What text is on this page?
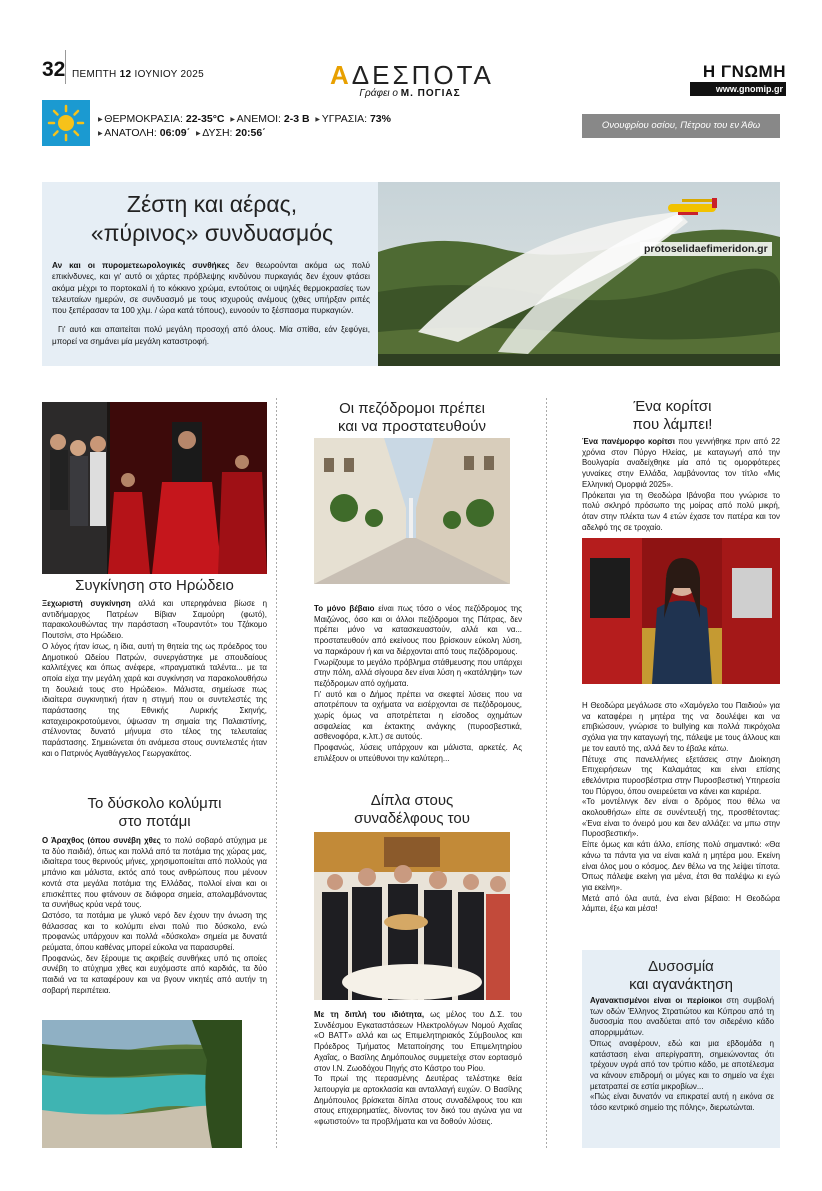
32 ΠΕΜΠΤΗ 12 ΙΟΥΝΙΟΥ 2025	ΑΔΕΣΠΟΤΑ
Γράφει ο Μ. ΠΟΓΙΑΣ
Η ΓΝΩΜΗ
www.gnomip.gr
▶ ΘΕΡΜΟΚΡΑΣΙΑ: 22-35°C ▶ ΑΝΕΜΟΙ: 2-3 Β ▶ ΥΓΡΑΣΙΑ: 73%
▶ ΑΝΑΤΟΛΗ: 06:09΄ ▶ ΔΥΣΗ: 20:56΄
Ονουφρίου οσίου, Πέτρου του εν Άθω
Ζέστη και αέρας,
«πύρινος» συνδυασμός

Αν και οι πυρομετεωρολογικές συνθήκες δεν θεωρούνται ακόμα ως πολύ επικίνδυνες, και γι' αυτό οι χάρτες πρόβλεψης κινδύνου πυρκαγιάς δεν έχουν φτάσει ακόμα μέχρι το πορτοκαλί ή το κόκκινο χρώμα, εντούτοις οι υψηλές θερμοκρασίες των τελευταίων ημερών, σε συνδυασμό με τους ισχυρούς ανέμους (χθες υπήρξαν ριπές που ξεπέρασαν τα 100 χλμ. / ώρα κατά τόπους), ευνοούν το ξέσπασμα πυρκαγιών.

Γι' αυτό και απαιτείται πολύ μεγάλη προσοχή από όλους. Μία σπίθα, εάν ξεφύγει, μπορεί να σημάνει μία μεγάλη καταστροφή.

protoselidaefimeridon.gr
Συγκίνηση στο Ηρώδειο

Ξεχωριστή συγκίνηση αλλά και υπερηφάνεια βίωσε η αντιδήμαρχος Πατρέων Βίβιαν Σαμούρη (φωτό), παρακολουθώντας την παράσταση «Τουραντότ» του Τζάκομο Πουτσίνι, στο Ηρώδειο.

Ο λόγος ήταν ίσως, η ίδια, αυτή τη θητεία της ως πρόεδρος του Δημοτικού Ωδείου Πατρών, συνεργάστηκε με σπουδαίους καλλιτέχνες και όπως ανέφερε, «πραγματικά ταλέντα... με τα οποία είχα την μεγάλη χαρά και συγκίνηση να παρακολουθήσω τη δουλειά τους στο Ηρώδειο». Μάλιστα, σημείωσε πως ιδιαίτερα συγκινητική ήταν η στιγμή που οι συντελεστές της παράστασης της Εθνικής Λυρικής Σκηνής, καταχειροκροτούμενοι, ύψωσαν τη σημαία της Παλαιστίνης, στέλνοντας δυνατό μήνυμα στο τέλος της τελευταίας παράστασης. Σημειώνεται ότι ανάμεσα στους συντελεστές ήταν και ο Πατρινός Αγαθάγγελος Γεωργακάτος.

Το δύσκολο κολύμπι
στο ποτάμι

Ο Άραχθος (όπου συνέβη χθες το πολύ σοβαρό ατύχημα με τα δύο παιδιά), όπως και πολλά από τα ποτάμια της χώρας μας, ιδιαίτερα τους θερινούς μήνες, χρησιμοποιείται από πολλούς για μπάνιο και μάλιστα, εκτός από τους ανθρώπους που μένουν κοντά στα μεγάλα ποτάμια της Ελλάδας, πολλοί είναι και οι επισκέπτες που φτάνουν σε διάφορα σημεία, απολαμβάνοντας τα συνήθως κρύα νερά τους.

Ωστόσο, τα ποτάμια με γλυκό νερό δεν έχουν την άνωση της θάλασσας και το κολύμπι είναι πολύ πιο δύσκολο, ενώ προφανώς υπάρχουν και πολλά «δύσκολα» σημεία με δυνατά ρεύματα, όπου καθένας μπορεί εύκολα να παρασυρθεί.

Προφανώς, δεν ξέρουμε τις ακριβείς συνθήκες υπό τις οποίες συνέβη το ατύχημα χθες και ευχόμαστε από καρδιάς, τα δύο παιδιά να τα καταφέρουν και να βγουν νικητές από αυτήν τη σοβαρή περιπέτεια.

Οι πεζόδρομοι πρέπει
και να προστατευθούν

Το μόνο βέβαιο είναι πως τόσο ο νέος πεζόδρομος της Μαιζώνος, όσο και οι άλλοι πεζόδρομοι της Πάτρας, δεν πρέπει μόνο να κατασκευαστούν, αλλά και να... προστατευθούν από εκείνους που βρίσκουν εύκολη λύση, να παρκάρουν ή και να διέρχονται από τους πεζόδρομους.

Γνωρίζουμε το μεγάλο πρόβλημα στάθμευσης που υπάρχει στην πόλη, αλλά σίγουρα δεν είναι λύση η «κατάληψη» των πεζόδρομων από οχήματα.

Γι' αυτό και ο Δήμος πρέπει να σκεφτεί λύσεις που να αποτρέπουν τα οχήματα να εισέρχονται σε πεζόδρομους, χωρίς όμως να αποτρέπεται η είσοδος οχημάτων ασφαλείας και έκτακτης ανάγκης (πυροσβεστικά, ασθενοφόρα, κ.λπ.) σε αυτούς.

Προφανώς, λύσεις υπάρχουν και μάλιστα, αρκετές. Ας επιλέξουν οι υπεύθυνοι την καλύτερη...

Δίπλα στους
συναδέλφους του

Με τη διπλή του ιδιότητα, ως μέλος του Δ.Σ. του Συνδέσμου Εγκαταστάσεων Ηλεκτρολόγων Νομού Αχαΐας «Ο ΒΑΤΤ» αλλά και ως Επιμελητηριακός Σύμβουλος και Πρόεδρος Τμήματος Μεταποίησης του Επιμελητηρίου Αχαΐας, ο Βασίλης Δημόπουλος συμμετείχε στον εορτασμό στον Ι.Ν. Ζωοδόχου Πηγής στο Κάστρο του Ρίου.

Το πρωί της περασμένης Δευτέρας τελέστηκε θεία λειτουργία με αρτοκλασία και ανταλλαγή ευχών. Ο Βασίλης Δημόπουλος βρίσκεται δίπλα στους συναδέλφους του και στους επιχειρηματίες, δίνοντας τον δικό του αγώνα για να «φωτιστούν» τα προβλήματα και να δοθούν λύσεις.

Ένα κορίτσι
που λάμπει!

Ένα πανέμορφο κορίτσι που γεννήθηκε πριν από 22 χρόνια στον Πύργο Ηλείας, με καταγωγή από την Βουλγαρία αναδείχθηκε μία από τις ομορφότερες γυναίκες στην Ελλάδα, λαμβάνοντας τον τίτλο «Μις Ελληνική Ομορφιά 2025».

Πρόκειται για τη Θεοδώρα Ιβάνοβα που γνώρισε το πολύ σκληρό πρόσωπο της μοίρας από πολύ μικρή, όταν στην πλέκτα των 4 ετών έχασε τον πατέρα και τον αδελφό της σε τροχαίο.

Η Θεοδώρα μεγάλωσε στο «Χαμόγελο του Παιδιού» για να καταφέρει η μητέρα της να δουλέψει και να επιβιώσουν, γνώρισε το bullying και πολλά πικρόχολα σχόλια για την καταγωγή της, πάλεψε με τους άλλους και με τον εαυτό της, αλλά δεν το έβαλε κάτω.

Πέτυχε στις πανελλήνιες εξετάσεις στην Διοίκηση Επιχειρήσεων της Καλαμάτας και είναι επίσης εθελόντρια πυροσβέστρια στην Πυροσβεστική Υπηρεσία του Πύργου, όπου ονειρεύεται να κάνει και καριέρα.

«Το μοντέλινγκ δεν είναι ο δρόμος που θέλω να ακολουθήσω» είπε σε συνέντευξή της, προσθέτοντας: «Ένα είναι το όνειρό μου και δεν αλλάζει: να μπω στην Πυροσβεστική».

Είπε όμως και κάτι άλλο, επίσης πολύ σημαντικό: «Θα κάνω τα πάντα για να είναι καλά η μητέρα μου. Εκείνη είναι όλος μου ο κόσμος. Δεν θέλω να της λείψει τίποτα. Όπως πάλεψε εκείνη για μένα, έτσι θα παλέψω κι εγώ για εκείνη».

Μετά από όλα αυτά, ένα είναι βέβαιο: Η Θεοδώρα λάμπει, έξω και μέσα!

Δυσοσμία
και αγανάκτηση

Αγανακτισμένοι είναι οι περίοικοι στη συμβολή των οδών Έλληνος Στρατιώτου και Κύπρου από τη δυσοσμία που αναδύεται από τον σιδερένιο κάδο απορριμμάτων.

Όπως αναφέρουν, εδώ και μια εβδομάδα η κατάσταση είναι απερίγραπτη, σημειώνοντας ότι τρέχουν υγρά από τον τρύπιο κάδο, με αποτέλεσμα να κάνουν επιδρομή οι μύγες και το σημείο να έχει μετατραπεί σε εστία μικροβίων...

«Πώς είναι δυνατόν να επικρατεί αυτή η εικόνα σε τόσο κεντρικό σημείο της πόλης», διερωτώνται.
